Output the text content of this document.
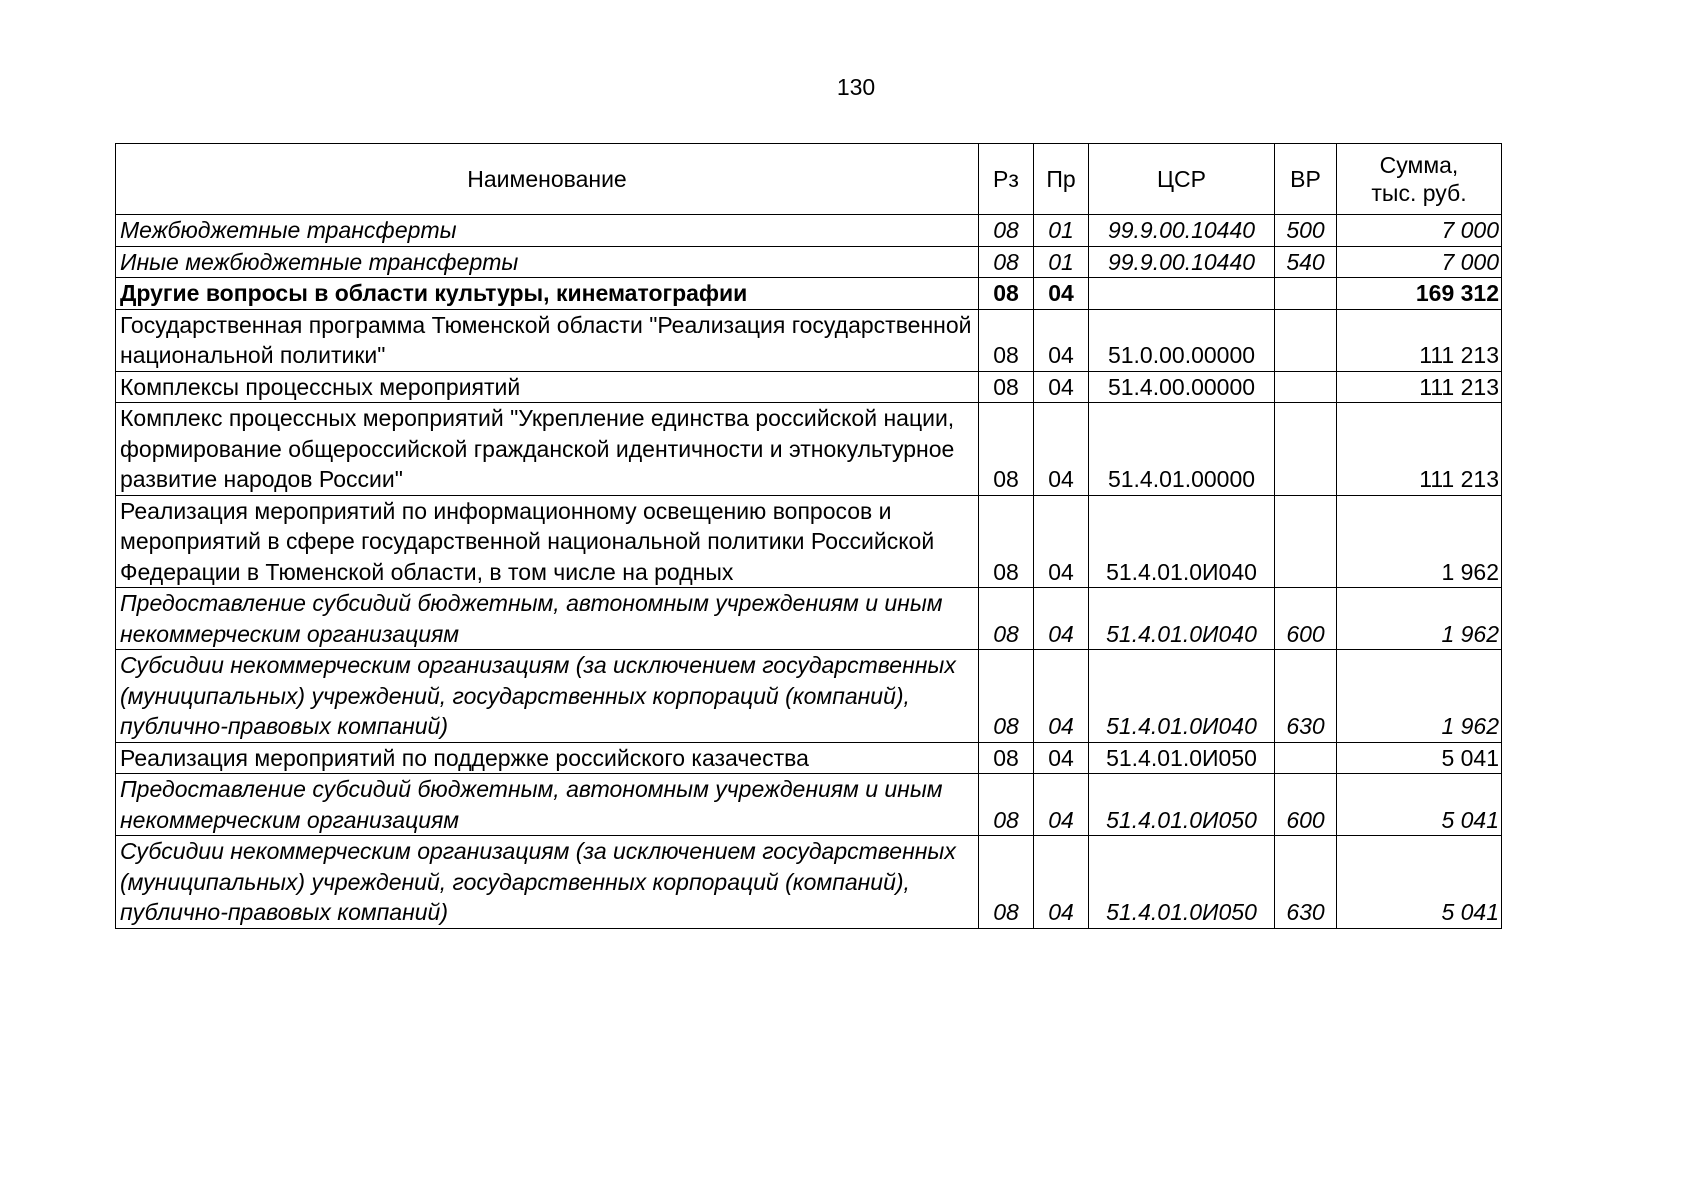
130
Наименование	Рз	Пр	ЦСР	ВР	Сумма,
тыс. руб.

Межбюджетные трансферты	08	01	99.9.00.10440	500	7 000
Иные межбюджетные трансферты	08	01	99.9.00.10440	540	7 000
Другие вопросы в области культуры, кинематографии	08	04			169 312
Государственная программа Тюменской области "Реализация государственной национальной политики"	08	04	51.0.00.00000		111 213
Комплексы процессных мероприятий	08	04	51.4.00.00000		111 213
Комплекс процессных мероприятий "Укрепление единства российской нации, формирование общероссийской гражданской идентичности и этнокультурное развитие народов России"	08	04	51.4.01.00000		111 213
Реализация мероприятий по информационному освещению вопросов и мероприятий в сфере государственной национальной политики Российской Федерации в Тюменской области, в том числе на родных	08	04	51.4.01.0И040		1 962
Предоставление субсидий бюджетным, автономным учреждениям и иным некоммерческим организациям	08	04	51.4.01.0И040	600	1 962
Субсидии некоммерческим организациям (за исключением государственных (муниципальных) учреждений, государственных корпораций (компаний), публично-правовых компаний)	08	04	51.4.01.0И040	630	1 962
Реализация мероприятий по поддержке российского казачества	08	04	51.4.01.0И050		5 041
Предоставление субсидий бюджетным, автономным учреждениям и иным некоммерческим организациям	08	04	51.4.01.0И050	600	5 041
Субсидии некоммерческим организациям (за исключением государственных (муниципальных) учреждений, государственных корпораций (компаний), публично-правовых компаний)	08	04	51.4.01.0И050	630	5 041
